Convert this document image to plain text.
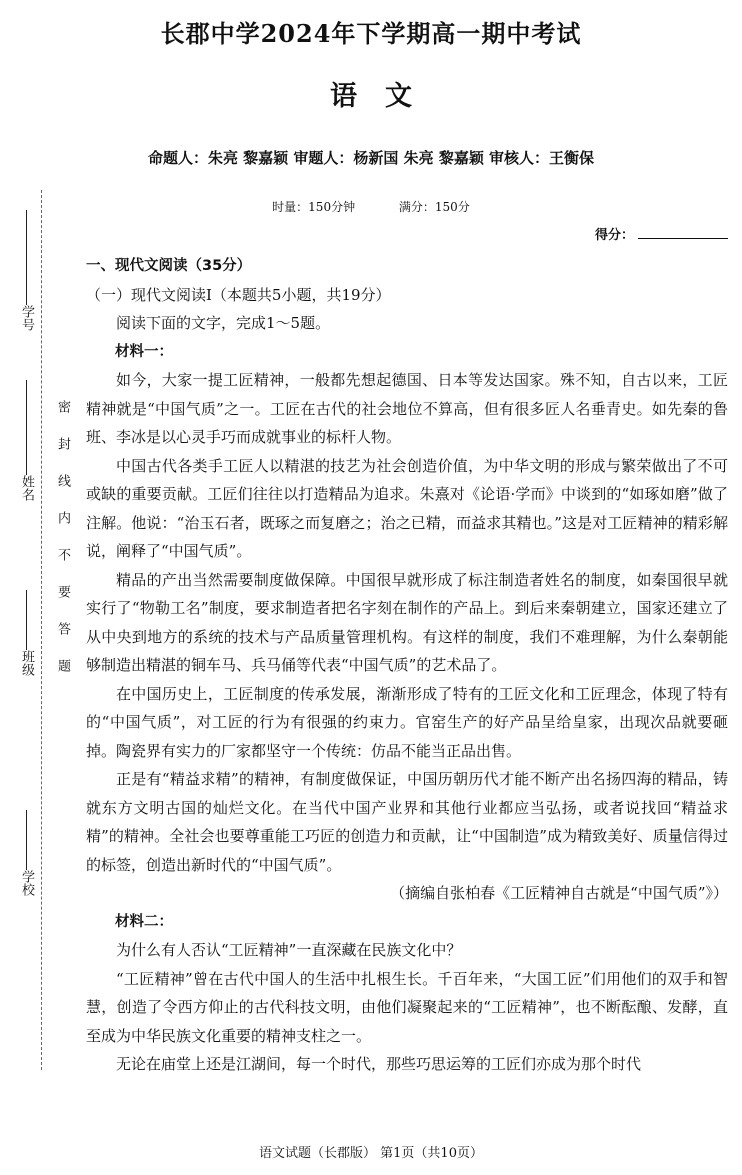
学号
姓名
班级
学校
密封线内不要答题
长郡中学2024年下学期高一期中考试
语文
命题人：朱亮 黎嘉颖 审题人：杨新国 朱亮 黎嘉颖 审核人：王衡保
时量：150分钟	满分：150分
得分：

一、现代文阅读（35分）

（一）现代文阅读Ⅰ（本题共5小题，共19分）

阅读下面的文字，完成1～5题。

材料一：

如今，大家一提工匠精神，一般都先想起德国、日本等发达国家。殊不知，自古以来，工匠精神就是“中国气质”之一。工匠在古代的社会地位不算高，但有很多匠人名垂青史。如先秦的鲁班、李冰是以心灵手巧而成就事业的标杆人物。

中国古代各类手工匠人以精湛的技艺为社会创造价值，为中华文明的形成与繁荣做出了不可或缺的重要贡献。工匠们往往以打造精品为追求。朱熹对《论语·学而》中谈到的“如琢如磨”做了注解。他说：“治玉石者，既琢之而复磨之；治之已精，而益求其精也。”这是对工匠精神的精彩解说，阐释了“中国气质”。

精品的产出当然需要制度做保障。中国很早就形成了标注制造者姓名的制度，如秦国很早就实行了“物勒工名”制度，要求制造者把名字刻在制作的产品上。到后来秦朝建立，国家还建立了从中央到地方的系统的技术与产品质量管理机构。有这样的制度，我们不难理解，为什么秦朝能够制造出精湛的铜车马、兵马俑等代表“中国气质”的艺术品了。

在中国历史上，工匠制度的传承发展，渐渐形成了特有的工匠文化和工匠理念，体现了特有的“中国气质”，对工匠的行为有很强的约束力。官窑生产的好产品呈给皇家，出现次品就要砸掉。陶瓷界有实力的厂家都坚守一个传统：仿品不能当正品出售。

正是有“精益求精”的精神，有制度做保证，中国历朝历代才能不断产出名扬四海的精品，铸就东方文明古国的灿烂文化。在当代中国产业界和其他行业都应当弘扬，或者说找回“精益求精”的精神。全社会也要尊重能工巧匠的创造力和贡献，让“中国制造”成为精致美好、质量信得过的标签，创造出新时代的“中国气质”。

（摘编自张柏春《工匠精神自古就是“中国气质”》）

材料二：

为什么有人否认“工匠精神”一直深藏在民族文化中？

“工匠精神”曾在古代中国人的生活中扎根生长。千百年来，“大国工匠”们用他们的双手和智慧，创造了令西方仰止的古代科技文明，由他们凝聚起来的“工匠精神”，也不断酝酿、发酵，直至成为中华民族文化重要的精神支柱之一。

无论在庙堂上还是江湖间，每一个时代，那些巧思运筹的工匠们亦成为那个时代

语文试题（长郡版） 第1页（共10页）
